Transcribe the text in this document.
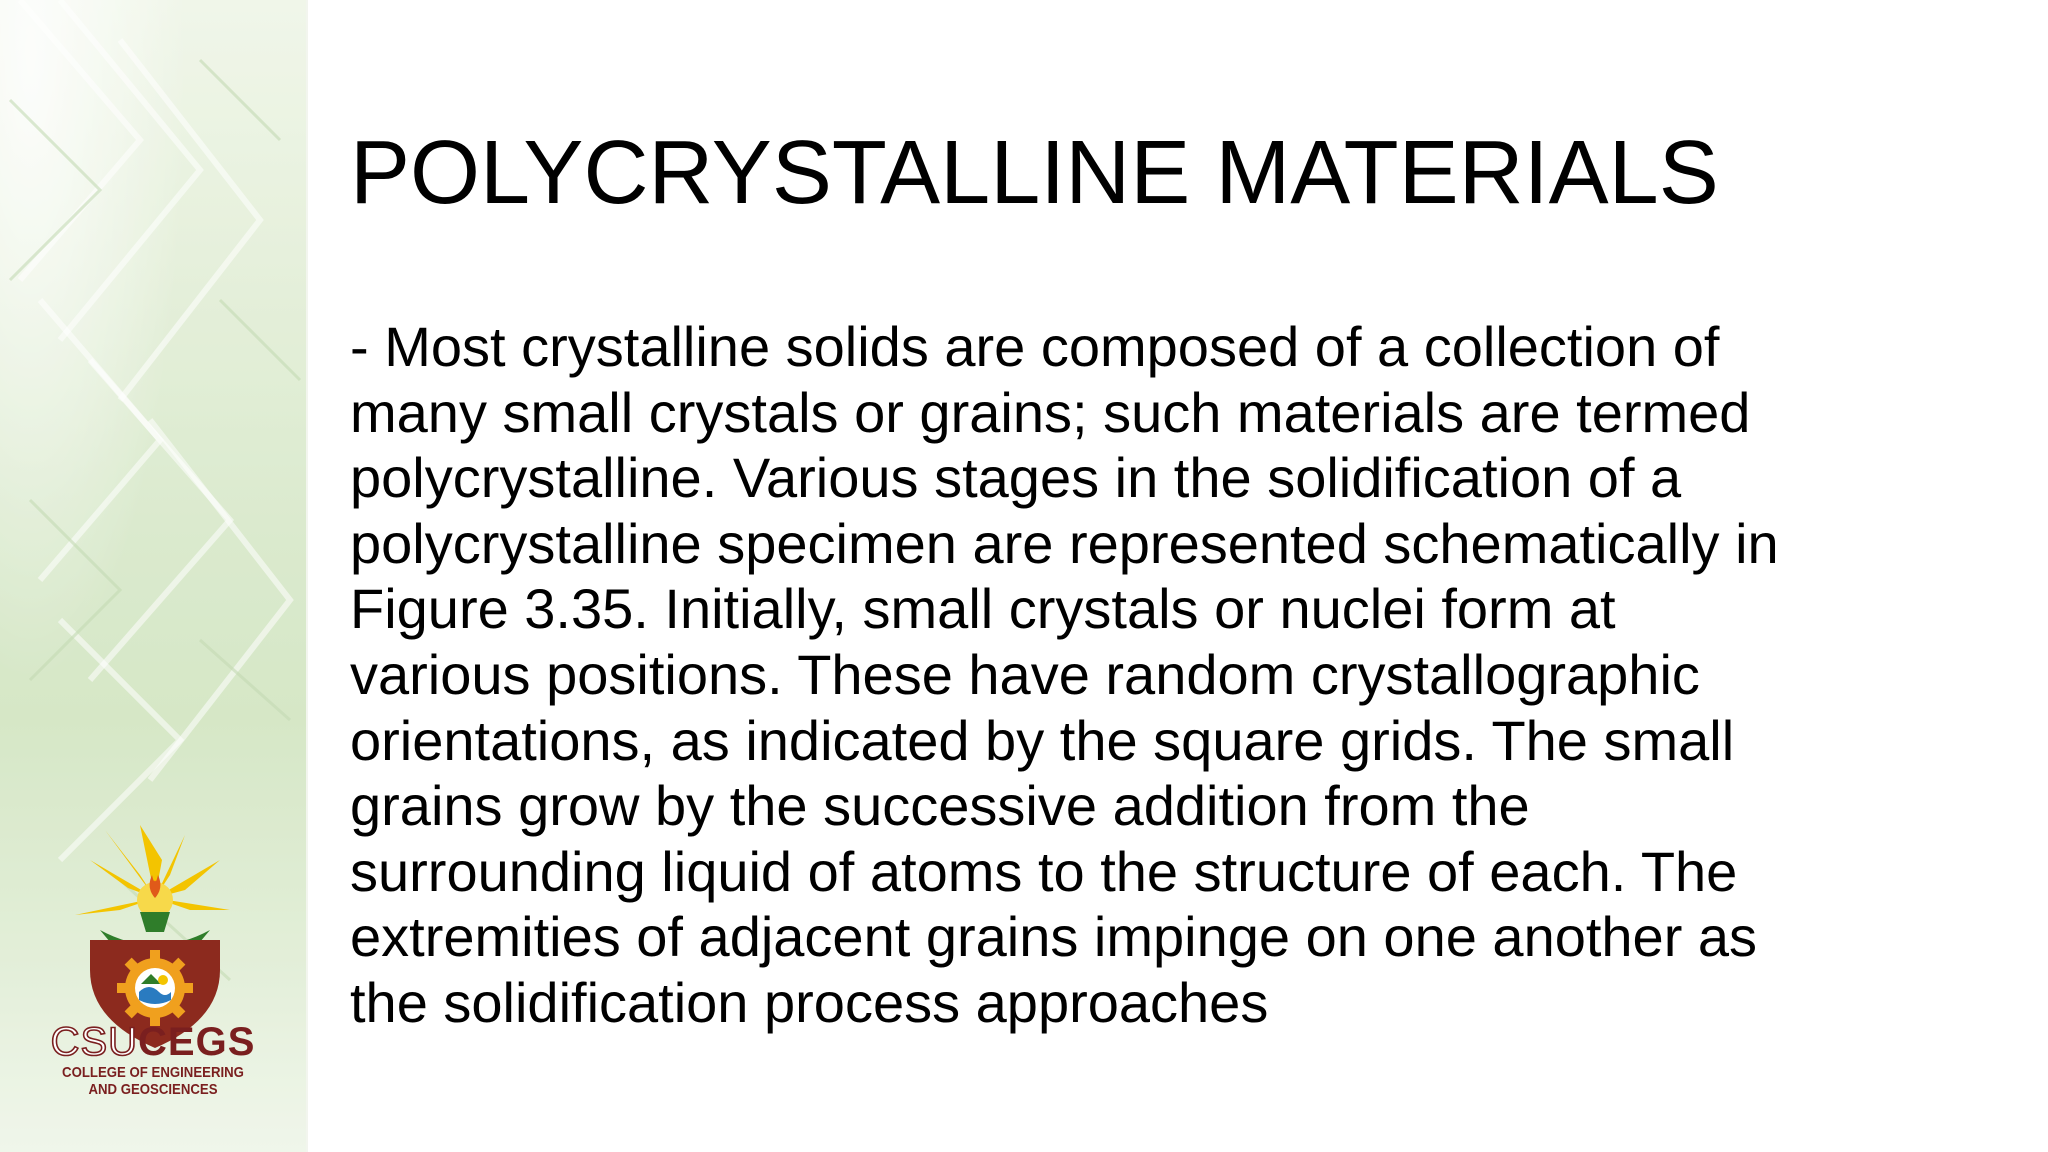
CSUCEGS
COLLEGE OF ENGINEERING
AND GEOSCIENCES
POLYCRYSTALLINE MATERIALS
- Most crystalline solids are composed of a collection of
many small crystals or grains; such materials are termed
polycrystalline. Various stages in the solidification of a
polycrystalline specimen are represented schematically in
Figure 3.35. Initially, small crystals or nuclei form at
various positions. These have random crystallographic
orientations, as indicated by the square grids. The small
grains grow by the successive addition from the
surrounding liquid of atoms to the structure of each. The
extremities of adjacent grains impinge on one another as
the solidification process approaches
